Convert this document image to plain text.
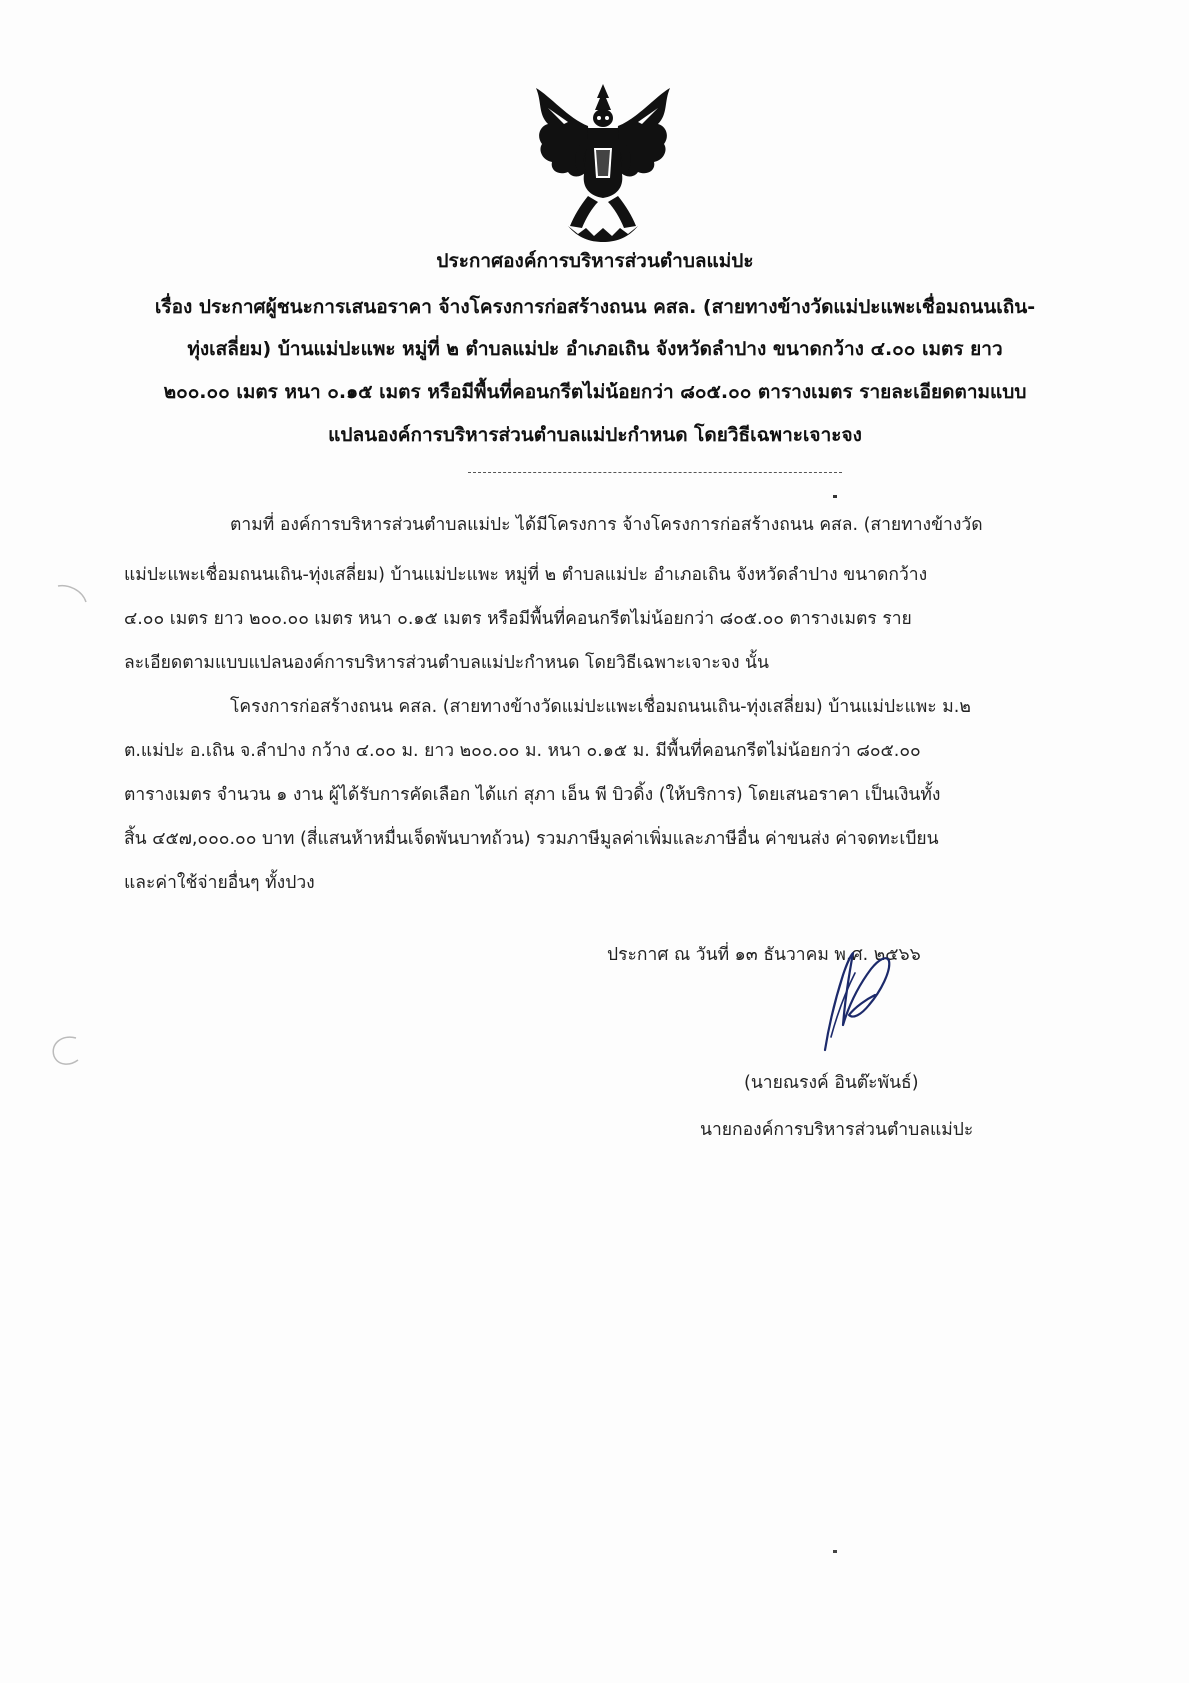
ประกาศองค์การบริหารส่วนตำบลแม่ปะ
เรื่อง ประกาศผู้ชนะการเสนอราคา จ้างโครงการก่อสร้างถนน คสล. (สายทางข้างวัดแม่ปะแพะเชื่อมถนนเถิน-
ทุ่งเสลี่ยม) บ้านแม่ปะแพะ หมู่ที่ ๒ ตำบลแม่ปะ อำเภอเถิน จังหวัดลำปาง ขนาดกว้าง ๔.๐๐ เมตร ยาว
๒๐๐.๐๐ เมตร หนา ๐.๑๕ เมตร หรือมีพื้นที่คอนกรีตไม่น้อยกว่า ๘๐๕.๐๐ ตารางเมตร รายละเอียดตามแบบ
แปลนองค์การบริหารส่วนตำบลแม่ปะกำหนด โดยวิธีเฉพาะเจาะจง
ตามที่ องค์การบริหารส่วนตำบลแม่ปะ ได้มีโครงการ จ้างโครงการก่อสร้างถนน คสล. (สายทางข้างวัด
แม่ปะแพะเชื่อมถนนเถิน-ทุ่งเสลี่ยม) บ้านแม่ปะแพะ หมู่ที่ ๒ ตำบลแม่ปะ อำเภอเถิน จังหวัดลำปาง ขนาดกว้าง
๔.๐๐ เมตร ยาว ๒๐๐.๐๐ เมตร หนา ๐.๑๕ เมตร หรือมีพื้นที่คอนกรีตไม่น้อยกว่า ๘๐๕.๐๐ ตารางเมตร ราย
ละเอียดตามแบบแปลนองค์การบริหารส่วนตำบลแม่ปะกำหนด โดยวิธีเฉพาะเจาะจง นั้น
โครงการก่อสร้างถนน คสล. (สายทางข้างวัดแม่ปะแพะเชื่อมถนนเถิน-ทุ่งเสลี่ยม) บ้านแม่ปะแพะ ม.๒
ต.แม่ปะ อ.เถิน จ.ลำปาง กว้าง ๔.๐๐ ม. ยาว ๒๐๐.๐๐ ม. หนา ๐.๑๕ ม. มีพื้นที่คอนกรีตไม่น้อยกว่า ๘๐๕.๐๐
ตารางเมตร จำนวน ๑ งาน ผู้ได้รับการคัดเลือก ได้แก่ สุภา เอ็น พี บิวดิ้ง (ให้บริการ) โดยเสนอราคา เป็นเงินทั้ง
สิ้น ๔๕๗,๐๐๐.๐๐ บาท (สี่แสนห้าหมื่นเจ็ดพันบาทถ้วน) รวมภาษีมูลค่าเพิ่มและภาษีอื่น ค่าขนส่ง ค่าจดทะเบียน
และค่าใช้จ่ายอื่นๆ ทั้งปวง
ประกาศ ณ วันที่ ๑๓ ธันวาคม พ.ศ. ๒๕๖๖
(นายณรงค์ อินต๊ะพันธ์)
นายกองค์การบริหารส่วนตำบลแม่ปะ
